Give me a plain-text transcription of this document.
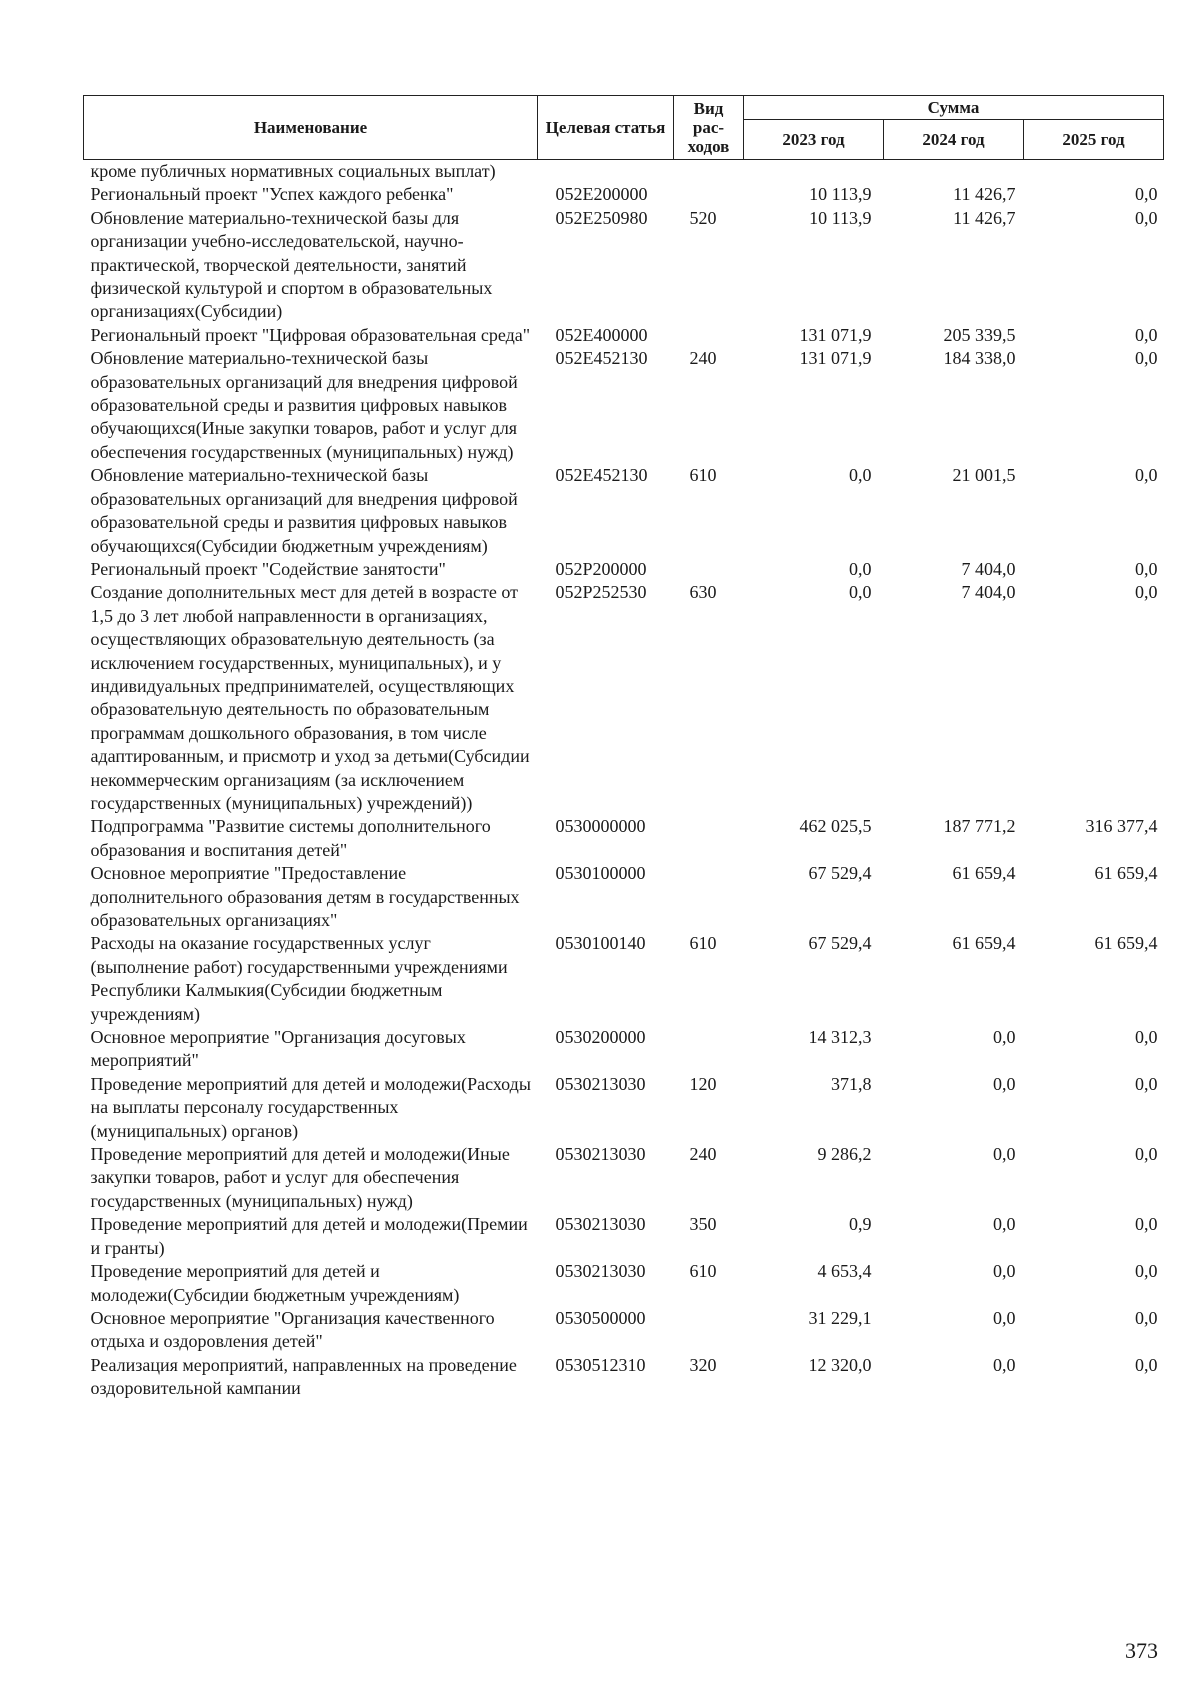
Наименование	Целевая статья	Вид рас-ходов	Сумма		
			2023 год	2024 год	2025 год
кроме публичных нормативных социальных выплат)					
Региональный проект "Успех каждого ребенка"	052E200000		10 113,9	11 426,7	0,0
Обновление материально-технической базы для организации учебно-исследовательской, научно-практической, творческой деятельности, занятий физической культурой и спортом в образовательных организациях(Субсидии)	052E250980	520	10 113,9	11 426,7	0,0
Региональный проект "Цифровая образовательная среда"	052E400000		131 071,9	205 339,5	0,0
Обновление материально-технической базы образовательных организаций для внедрения цифровой образовательной среды и развития цифровых навыков обучающихся(Иные закупки товаров, работ и услуг для обеспечения государственных (муниципальных) нужд)	052E452130	240	131 071,9	184 338,0	0,0
Обновление материально-технической базы образовательных организаций для внедрения цифровой образовательной среды и развития цифровых навыков обучающихся(Субсидии бюджетным учреждениям)	052E452130	610	0,0	21 001,5	0,0
Региональный проект "Содействие занятости"	052P200000		0,0	7 404,0	0,0
Создание дополнительных мест для детей в возрасте от 1,5 до 3 лет любой направленности в организациях, осуществляющих образовательную деятельность (за исключением государственных, муниципальных), и у индивидуальных предпринимателей, осуществляющих образовательную деятельность по образовательным программам дошкольного образования, в том числе адаптированным, и присмотр и уход за детьми(Субсидии некоммерческим организациям (за исключением государственных (муниципальных) учреждений))	052P252530	630	0,0	7 404,0	0,0
Подпрограмма "Развитие системы дополнительного образования и воспитания детей"	0530000000		462 025,5	187 771,2	316 377,4
Основное мероприятие "Предоставление дополнительного образования детям в государственных образовательных организациях"	0530100000		67 529,4	61 659,4	61 659,4
Расходы на оказание государственных услуг (выполнение работ) государственными учреждениями Республики Калмыкия(Субсидии бюджетным учреждениям)	0530100140	610	67 529,4	61 659,4	61 659,4
Основное мероприятие "Организация досуговых мероприятий"	0530200000		14 312,3	0,0	0,0
Проведение мероприятий для детей и молодежи(Расходы на выплаты персоналу государственных (муниципальных) органов)	0530213030	120	371,8	0,0	0,0
Проведение мероприятий для детей и молодежи(Иные закупки товаров, работ и услуг для обеспечения государственных (муниципальных) нужд)	0530213030	240	9 286,2	0,0	0,0
Проведение мероприятий для детей и молодежи(Премии и гранты)	0530213030	350	0,9	0,0	0,0
Проведение мероприятий для детей и молодежи(Субсидии бюджетным учреждениям)	0530213030	610	4 653,4	0,0	0,0
Основное мероприятие "Организация качественного отдыха и оздоровления детей"	0530500000		31 229,1	0,0	0,0
Реализация мероприятий, направленных на проведение оздоровительной кампании	0530512310	320	12 320,0	0,0	0,0
373
